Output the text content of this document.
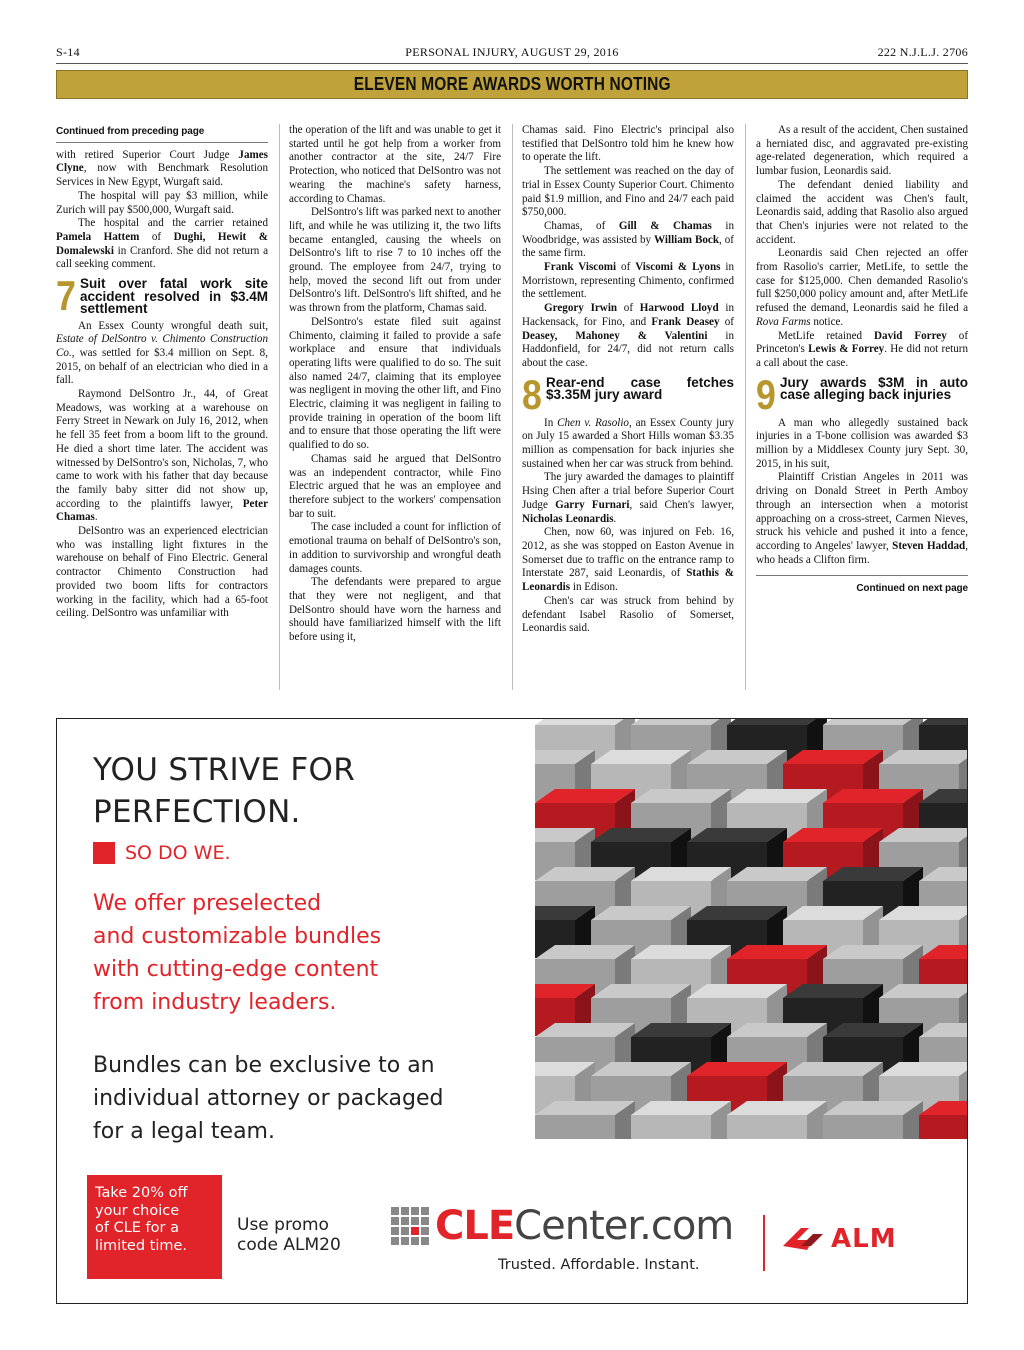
S-14	PERSONAL INJURY, AUGUST 29, 2016	222 N.J.L.J. 2706
ELEVEN MORE AWARDS WORTH NOTING
Continued from preceding page

with retired Superior Court Judge James Clyne, now with Benchmark Resolution Services in New Egypt, Wurgaft said.

The hospital will pay $3 million, while Zurich will pay $500,000, Wurgaft said.

The hospital and the carrier retained Pamela Hattem of Dughi, Hewit & Domalewski in Cranford. She did not return a call seeking comment.

7 Suit over fatal work site accident resolved in $3.4M settlement

An Essex County wrongful death suit, Estate of DelSontro v. Chimento Construction Co., was settled for $3.4 million on Sept. 8, 2015, on behalf of an electrician who died in a fall.

Raymond DelSontro Jr., 44, of Great Meadows, was working at a warehouse on Ferry Street in Newark on July 16, 2012, when he fell 35 feet from a boom lift to the ground. He died a short time later. The accident was witnessed by DelSontro's son, Nicholas, 7, who came to work with his father that day because the family baby sitter did not show up, according to the plaintiffs lawyer, Peter Chamas.

DelSontro was an experienced electrician who was installing light fixtures in the warehouse on behalf of Fino Electric. General contractor Chimento Construction had provided two boom lifts for contractors working in the facility, which had a 65-foot ceiling. DelSontro was unfamiliar with

the operation of the lift and was unable to get it started until he got help from a worker from another contractor at the site, 24/7 Fire Protection, who noticed that DelSontro was not wearing the machine's safety harness, according to Chamas.

DelSontro's lift was parked next to another lift, and while he was utilizing it, the two lifts became entangled, causing the wheels on DelSontro's lift to rise 7 to 10 inches off the ground. The employee from 24/7, trying to help, moved the second lift out from under DelSontro's lift. DelSontro's lift shifted, and he was thrown from the platform, Chamas said.

DelSontro's estate filed suit against Chimento, claiming it failed to provide a safe workplace and ensure that individuals operating lifts were qualified to do so. The suit also named 24/7, claiming that its employee was negligent in moving the other lift, and Fino Electric, claiming it was negligent in failing to provide training in operation of the boom lift and to ensure that those operating the lift were qualified to do so.

Chamas said he argued that DelSontro was an independent contractor, while Fino Electric argued that he was an employee and therefore subject to the workers' compensation bar to suit.

The case included a count for infliction of emotional trauma on behalf of DelSontro's son, in addition to survivorship and wrongful death damages counts.

The defendants were prepared to argue that they were not negligent, and that DelSontro should have worn the harness and should have familiarized himself with the lift before using it,

Chamas said. Fino Electric's principal also testified that DelSontro told him he knew how to operate the lift.

The settlement was reached on the day of trial in Essex County Superior Court. Chimento paid $1.9 million, and Fino and 24/7 each paid $750,000.

Chamas, of Gill & Chamas in Woodbridge, was assisted by William Bock, of the same firm.

Frank Viscomi of Viscomi & Lyons in Morristown, representing Chimento, confirmed the settlement.

Gregory Irwin of Harwood Lloyd in Hackensack, for Fino, and Frank Deasey of Deasey, Mahoney & Valentini in Haddonfield, for 24/7, did not return calls about the case.

8 Rear-end case fetches $3.35M jury award

In Chen v. Rasolio, an Essex County jury on July 15 awarded a Short Hills woman $3.35 million as compensation for back injuries she sustained when her car was struck from behind.

The jury awarded the damages to plaintiff Hsing Chen after a trial before Superior Court Judge Garry Furnari, said Chen's lawyer, Nicholas Leonardis.

Chen, now 60, was injured on Feb. 16, 2012, as she was stopped on Easton Avenue in Somerset due to traffic on the entrance ramp to Interstate 287, said Leonardis, of Stathis & Leonardis in Edison.

Chen's car was struck from behind by defendant Isabel Rasolio of Somerset, Leonardis said.

As a result of the accident, Chen sustained a herniated disc, and aggravated pre-existing age-related degeneration, which required a lumbar fusion, Leonardis said.

The defendant denied liability and claimed the accident was Chen's fault, Leonardis said, adding that Rasolio also argued that Chen's injuries were not related to the accident.

Leonardis said Chen rejected an offer from Rasolio's carrier, MetLife, to settle the case for $125,000. Chen demanded Rasolio's full $250,000 policy amount and, after MetLife refused the demand, Leonardis said he filed a Rova Farms notice.

MetLife retained David Forrey of Princeton's Lewis & Forrey. He did not return a call about the case.

9 Jury awards $3M in auto case alleging back injuries

A man who allegedly sustained back injuries in a T-bone collision was awarded $3 million by a Middlesex County jury Sept. 30, 2015, in his suit,

Plaintiff Cristian Angeles in 2011 was driving on Donald Street in Perth Amboy through an intersection when a motorist approaching on a cross-street, Carmen Nieves, struck his vehicle and pushed it into a fence, according to Angeles' lawyer, Steven Haddad, who heads a Clifton firm.

Continued on next page
YOU STRIVE FOR
PERFECTION.
SO DO WE.
We offer preselected
and customizable bundles
with cutting-edge content
from industry leaders.
Bundles can be exclusive to an
individual attorney or packaged
for a legal team.
Take 20% off
your choice
of CLE for a
limited time.
Use promo
code ALM20 CLECenter.com
Trusted. Affordable. Instant.
ALM
